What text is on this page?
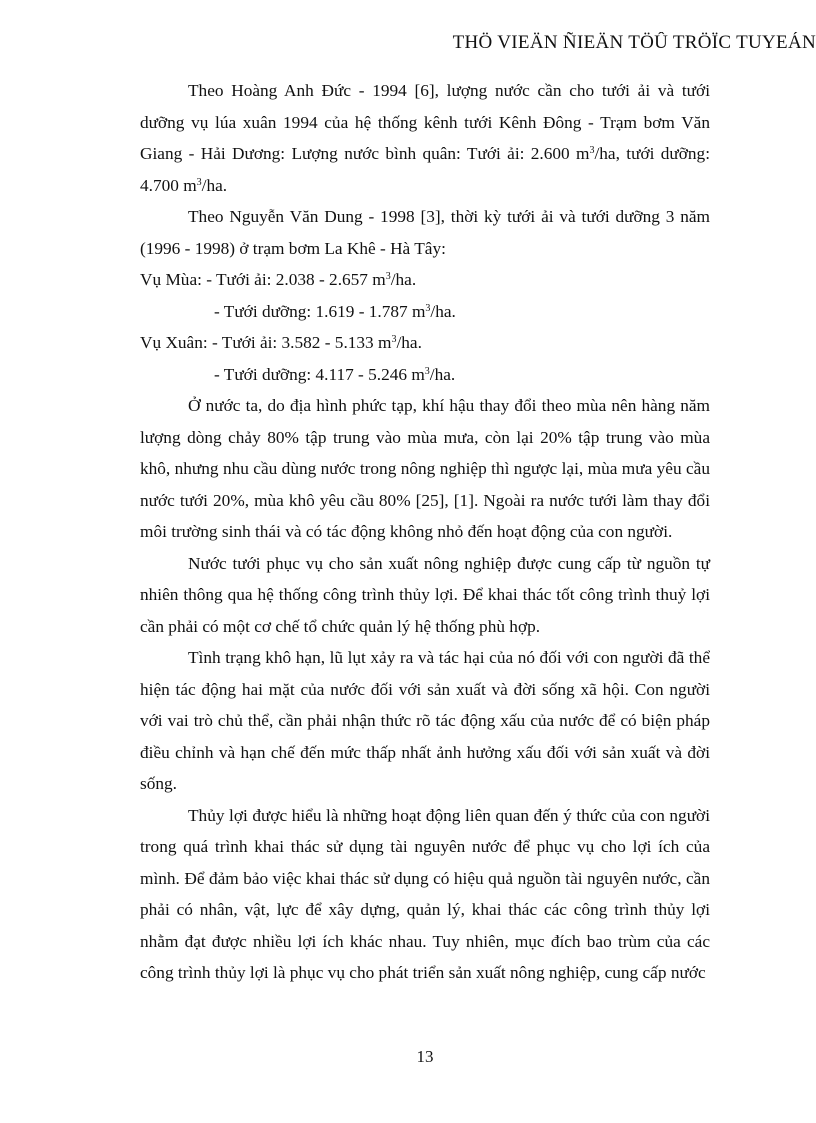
THÖ VIEÄN ÑIEÄN TÖÛ TRÖÏC TUYEÁN

Theo Hoàng Anh Đức - 1994 [6], lượng nước cần cho tưới ải và tưới dưỡng vụ lúa xuân 1994 của hệ thống kênh tưới Kênh Đông - Trạm bơm Văn Giang - Hải Dương: Lượng nước bình quân: Tưới ải: 2.600 $m^3/ha$, tưới dưỡng: 4.700 $m^3/ha$.

Theo Nguyễn Văn Dung - 1998 [3], thời kỳ tưới ải và tưới dưỡng 3 năm (1996 - 1998) ở trạm bơm La Khê - Hà Tây:

Vụ Mùa: - Tưới ải: 2.038 - 2.657 $m^3/ha$.

- Tưới dưỡng: 1.619 - 1.787 $m^3/ha$.

Vụ Xuân: - Tưới ải: 3.582 - 5.133 $m^3/ha$.

- Tưới dưỡng: 4.117 - 5.246 $m^3/ha$.

Ở nước ta, do địa hình phức tạp, khí hậu thay đổi theo mùa nên hàng năm lượng dòng chảy 80% tập trung vào mùa mưa, còn lại 20% tập trung vào mùa khô, nhưng nhu cầu dùng nước trong nông nghiệp thì ngược lại, mùa mưa yêu cầu nước tưới 20%, mùa khô yêu cầu 80% [25], [1]. Ngoài ra nước tưới làm thay đổi môi trường sinh thái và có tác động không nhỏ đến hoạt động của con người.

Nước tưới phục vụ cho sản xuất nông nghiệp được cung cấp từ nguồn tự nhiên thông qua hệ thống công trình thủy lợi. Để khai thác tốt công trình thuỷ lợi cần phải có một cơ chế tổ chức quản lý hệ thống phù hợp.

Tình trạng khô hạn, lũ lụt xảy ra và tác hại của nó đối với con người đã thể hiện tác động hai mặt của nước đối với sản xuất và đời sống xã hội. Con người với vai trò chủ thể, cần phải nhận thức rõ tác động xấu của nước để có biện pháp điều chỉnh và hạn chế đến mức thấp nhất ảnh hưởng xấu đối với sản xuất và đời sống.

Thủy lợi được hiểu là những hoạt động liên quan đến ý thức của con người trong quá trình khai thác sử dụng tài nguyên nước để phục vụ cho lợi ích của mình. Để đảm bảo việc khai thác sử dụng có hiệu quả nguồn tài nguyên nước, cần phải có nhân, vật, lực để xây dựng, quản lý, khai thác các công trình thủy lợi nhằm đạt được nhiều lợi ích khác nhau. Tuy nhiên, mục đích bao trùm của các công trình thủy lợi là phục vụ cho phát triển sản xuất nông nghiệp, cung cấp nước

13
